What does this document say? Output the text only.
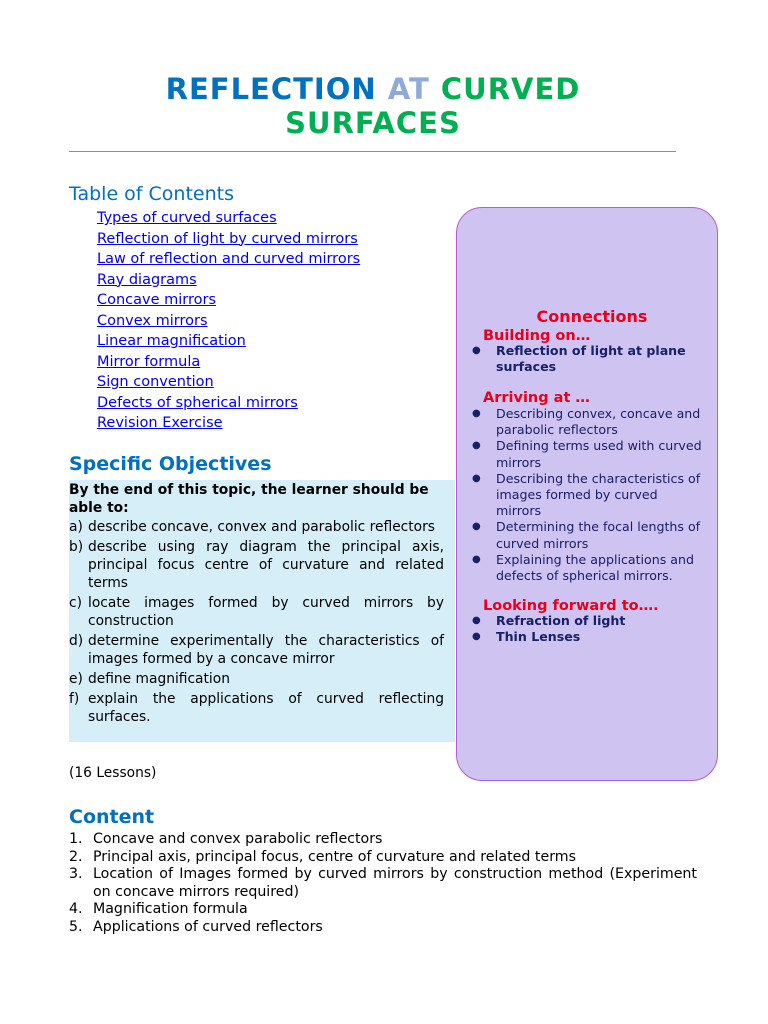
REFLECTION AT CURVED
SURFACES
Table of Contents
Types of curved surfaces
Reflection of light by curved mirrors
Law of reflection and curved mirrors
Ray diagrams
Concave mirrors
Convex mirrors
Linear magnification
Mirror formula
Sign convention
Defects of spherical mirrors
Revision Exercise
Specific Objectives
By the end of this topic, the learner should be able to:
a) describe concave, convex and parabolic reflectors
b) describe using ray diagram the principal axis, principal focus centre of curvature and related terms
c) locate images formed by curved mirrors by construction
d) determine experimentally the characteristics of images formed by a concave mirror
e) define magnification
f) explain the applications of curved reflecting surfaces.
(16 Lessons)
Content
1. Concave and convex parabolic reflectors
2. Principal axis, principal focus, centre of curvature and related terms
3. Location of Images formed by curved mirrors by construction method (Experiment on concave mirrors required)
4. Magnification formula
5. Applications of curved reflectors
Connections
Building on…
●	Reflection of light at plane surfaces
Arriving at …
●	Describing convex, concave and parabolic reflectors
●	Defining terms used with curved mirrors
●	Describing the characteristics of images formed by curved mirrors
●	Determining the focal lengths of curved mirrors
●	Explaining the applications and defects of spherical mirrors.
Looking forward to….
●	Refraction of light
●	Thin Lenses
